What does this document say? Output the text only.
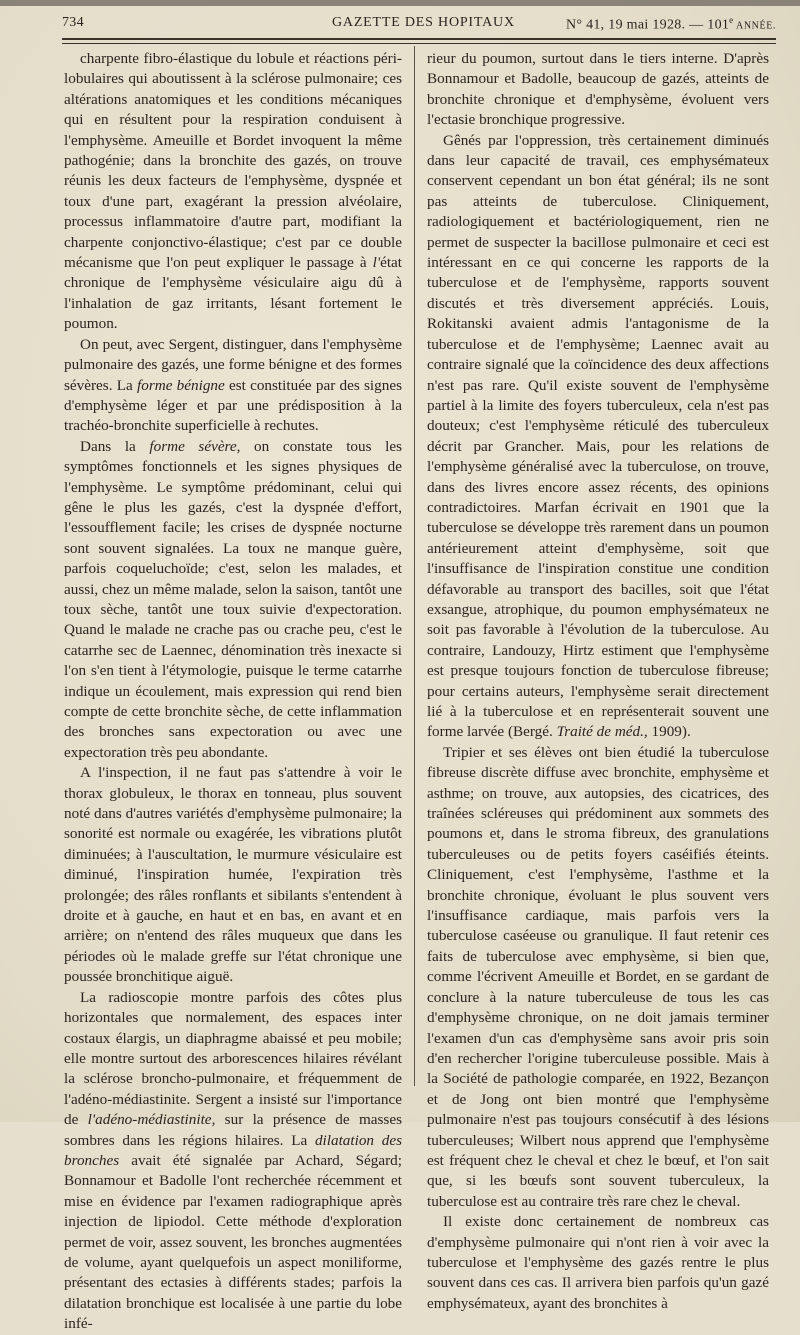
734	GAZETTE DES HOPITAUX	N° 41, 19 mai 1928. — 101e ANNÉE.

charpente fibro-élastique du lobule et réactions péri-lobulaires qui aboutissent à la sclérose pulmonaire; ces altérations anatomiques et les conditions mécaniques qui en résultent pour la respiration conduisent à l'emphysème. Ameuille et Bordet invoquent la même pathogénie; dans la bronchite des gazés, on trouve réunis les deux facteurs de l'emphysème, dyspnée et toux d'une part, exagérant la pression alvéolaire, processus inflammatoire d'autre part, modifiant la charpente conjonctivo-élastique; c'est par ce double mécanisme que l'on peut expliquer le passage à l'état chronique de l'emphysème vésiculaire aigu dû à l'inhalation de gaz irritants, lésant fortement le poumon.

On peut, avec Sergent, distinguer, dans l'emphysème pulmonaire des gazés, une forme bénigne et des formes sévères. La forme bénigne est constituée par des signes d'emphysème léger et par une prédisposition à la trachéo-bronchite superficielle à rechutes.

Dans la forme sévère, on constate tous les symptômes fonctionnels et les signes physiques de l'emphysème. Le symptôme prédominant, celui qui gêne le plus les gazés, c'est la dyspnée d'effort, l'essoufflement facile; les crises de dyspnée nocturne sont souvent signalées. La toux ne manque guère, parfois coqueluchoïde; c'est, selon les malades, et aussi, chez un même malade, selon la saison, tantôt une toux sèche, tantôt une toux suivie d'expectoration. Quand le malade ne crache pas ou crache peu, c'est le catarrhe sec de Laennec, dénomination très inexacte si l'on s'en tient à l'étymologie, puisque le terme catarrhe indique un écoulement, mais expression qui rend bien compte de cette bronchite sèche, de cette inflammation des bronches sans expectoration ou avec une expectoration très peu abondante.

A l'inspection, il ne faut pas s'attendre à voir le thorax globuleux, le thorax en tonneau, plus souvent noté dans d'autres variétés d'emphysème pulmonaire; la sonorité est normale ou exagérée, les vibrations plutôt diminuées; à l'auscultation, le murmure vésiculaire est diminué, l'inspiration humée, l'expiration très prolongée; des râles ronflants et sibilants s'entendent à droite et à gauche, en haut et en bas, en avant et en arrière; on n'entend des râles muqueux que dans les périodes où le malade greffe sur l'état chronique une poussée bronchitique aiguë.

La radioscopie montre parfois des côtes plus horizontales que normalement, des espaces inter costaux élargis, un diaphragme abaissé et peu mobile; elle montre surtout des arborescences hilaires révélant la sclérose broncho-pulmonaire, et fréquemment de l'adéno-médiastinite. Sergent a insisté sur l'importance de l'adéno-médiastinite, sur la présence de masses sombres dans les régions hilaires. La dilatation des bronches avait été signalée par Achard, Ségard; Bonnamour et Badolle l'ont recherchée récemment et mise en évidence par l'examen radiographique après injection de lipiodol. Cette méthode d'exploration permet de voir, assez souvent, les bronches augmentées de volume, ayant quelquefois un aspect moniliforme, présentant des ectasies à différents stades; parfois la dilatation bronchique est localisée à une partie du lobe infé-

rieur du poumon, surtout dans le tiers interne. D'après Bonnamour et Badolle, beaucoup de gazés, atteints de bronchite chronique et d'emphysème, évoluent vers l'ectasie bronchique progressive.

Gênés par l'oppression, très certainement diminués dans leur capacité de travail, ces emphysémateux conservent cependant un bon état général; ils ne sont pas atteints de tuberculose. Cliniquement, radiologiquement et bactériologiquement, rien ne permet de suspecter la bacillose pulmonaire et ceci est intéressant en ce qui concerne les rapports de la tuberculose et de l'emphysème, rapports souvent discutés et très diversement appréciés. Louis, Rokitanski avaient admis l'antagonisme de la tuberculose et de l'emphysème; Laennec avait au contraire signalé que la coïncidence des deux affections n'est pas rare. Qu'il existe souvent de l'emphysème partiel à la limite des foyers tuberculeux, cela n'est pas douteux; c'est l'emphysème réticulé des tuberculeux décrit par Grancher. Mais, pour les relations de l'emphysème généralisé avec la tuberculose, on trouve, dans des livres encore assez récents, des opinions contradictoires. Marfan écrivait en 1901 que la tuberculose se développe très rarement dans un poumon antérieurement atteint d'emphysème, soit que l'insuffisance de l'inspiration constitue une condition défavorable au transport des bacilles, soit que l'état exsangue, atrophique, du poumon emphysémateux ne soit pas favorable à l'évolution de la tuberculose. Au contraire, Landouzy, Hirtz estiment que l'emphysème est presque toujours fonction de tuberculose fibreuse; pour certains auteurs, l'emphysème serait directement lié à la tuberculose et en représenterait souvent une forme larvée (Bergé. Traité de méd., 1909).

Tripier et ses élèves ont bien étudié la tuberculose fibreuse discrète diffuse avec bronchite, emphysème et asthme; on trouve, aux autopsies, des cicatrices, des traînées scléreuses qui prédominent aux sommets des poumons et, dans le stroma fibreux, des granulations tuberculeuses ou de petits foyers caséifiés éteints. Cliniquement, c'est l'emphysème, l'asthme et la bronchite chronique, évoluant le plus souvent vers l'insuffisance cardiaque, mais parfois vers la tuberculose caséeuse ou granulique. Il faut retenir ces faits de tuberculose avec emphysème, si bien que, comme l'écrivent Ameuille et Bordet, en se gardant de conclure à la nature tuberculeuse de tous les cas d'emphysème chronique, on ne doit jamais terminer l'examen d'un cas d'emphysème sans avoir pris soin d'en rechercher l'origine tuberculeuse possible. Mais à la Société de pathologie comparée, en 1922, Bezançon et de Jong ont bien montré que l'emphysème pulmonaire n'est pas toujours consécutif à des lésions tuberculeuses; Wilbert nous apprend que l'emphysème est fréquent chez le cheval et chez le bœuf, et l'on sait que, si les bœufs sont souvent tuberculeux, la tuberculose est au contraire très rare chez le cheval.

Il existe donc certainement de nombreux cas d'emphysème pulmonaire qui n'ont rien à voir avec la tuberculose et l'emphysème des gazés rentre le plus souvent dans ces cas. Il arrivera bien parfois qu'un gazé emphysémateux, ayant des bronchites à
